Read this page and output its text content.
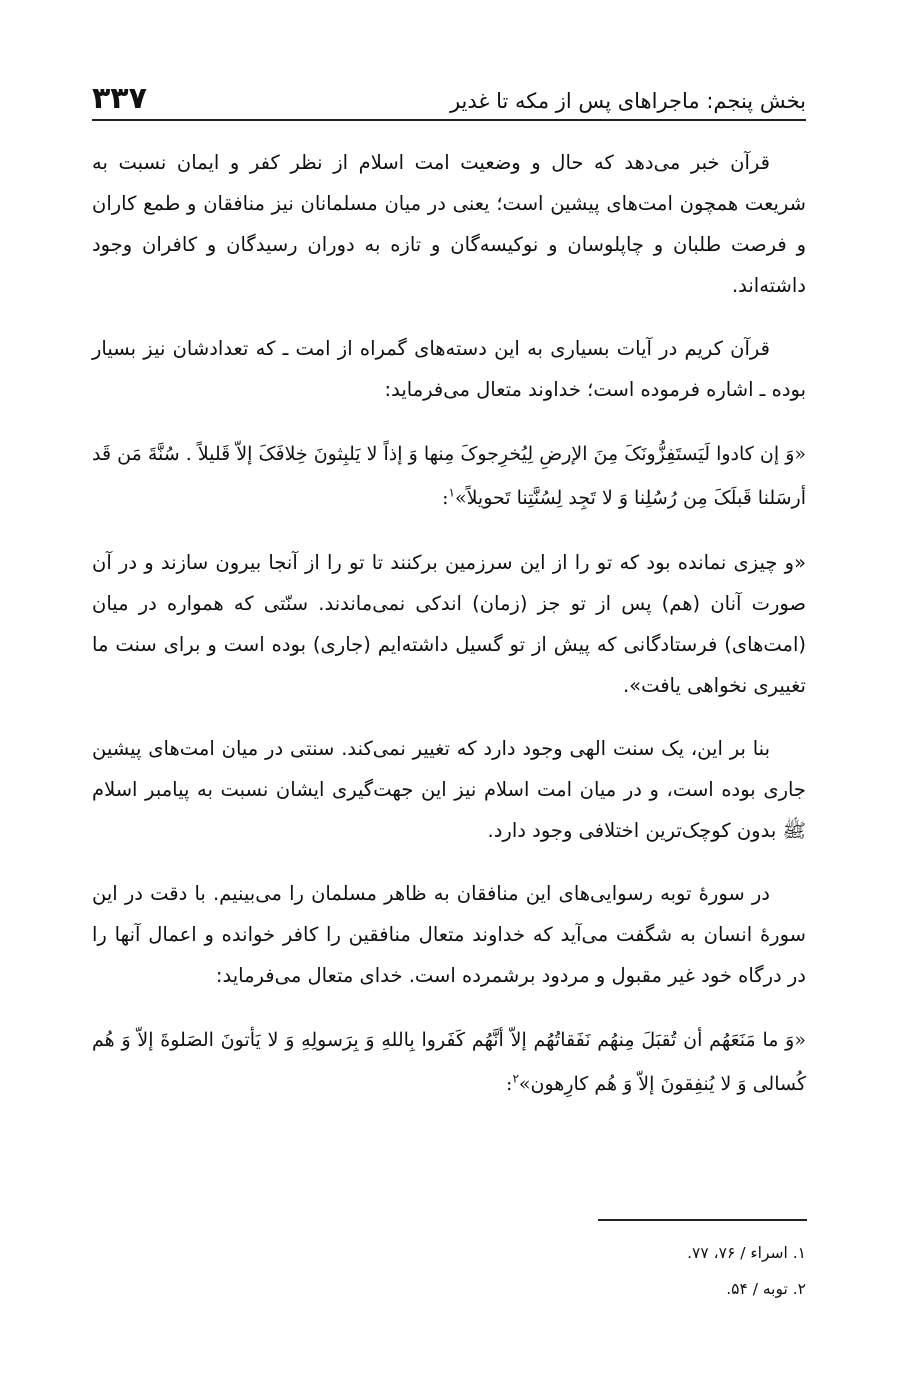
۳۳۷	بخش پنجم: ماجراهای پس از مکه تا غدیر

قرآن خبر می‌دهد که حال و وضعیت امت اسلام از نظر کفر و ایمان نسبت به شریعت همچون امت‌های پیشین است؛ یعنی در میان مسلمانان نیز منافقان و طمع کاران و فرصت طلبان و چاپلوسان و نوکیسه‌گان و تازه به دوران رسیدگان و کافران وجود داشته‌اند.

قرآن کریم در آیات بسیاری به این دسته‌های گمراه از امت ـ که تعدادشان نیز بسیار بوده ـ اشاره فرموده است؛ خداوند متعال می‌فرماید:

«وَ إن کادوا لَیَستَفِزُّونَکَ مِنَ الإرضِ لِیُخرِجوکَ مِنها وَ إذاً لا یَلبِثونَ خِلافَکَ إلاّ قَلیلاً . سُنَّةَ مَن قَد أرسَلنا قَبلَکَ مِن رُسُلِنا وَ لا تَجِد لِسُنَّتِنا تَحویلاً»$^۱$:

«و چیزی نمانده بود که تو را از این سرزمین برکنند تا تو را از آنجا بیرون سازند و در آن صورت آنان (هم) پس از تو جز (زمان) اندکی نمی‌ماندند. سنّتی که همواره در میان (امت‌های) فرستادگانی که پیش از تو گسیل داشته‌ایم (جاری) بوده است و برای سنت ما تغییری نخواهی یافت».

بنا بر این، یک سنت الهی وجود دارد که تغییر نمی‌کند. سنتی در میان امت‌های پیشین جاری بوده است، و در میان امت اسلام نیز این جهت‌گیری ایشان نسبت به پیامبر اسلام ﷺ بدون کوچک‌ترین اختلافی وجود دارد.

در سورهٔ توبه رسوایی‌های این منافقان به ظاهر مسلمان را می‌بینیم. با دقت در این سورهٔ انسان به شگفت می‌آید که خداوند متعال منافقین را کافر خوانده و اعمال آنها را در درگاه خود غیر مقبول و مردود برشمرده است. خدای متعال می‌فرماید:

«وَ ما مَنَعَهُم أن تُقبَلَ مِنهُم نَفَقاتُهُم إلاّ أنَّهُم کَفَروا بِاللهِ وَ بِرَسولِهِ وَ لا یَأتونَ الصَلوةَ إلاّ وَ هُم کُسالی وَ لا یُنفِقونَ إلاّ وَ هُم کارِهون»$^۲$:

۱. اسراء / ۷۶، ۷۷.
۲. توبه / ۵۴.
